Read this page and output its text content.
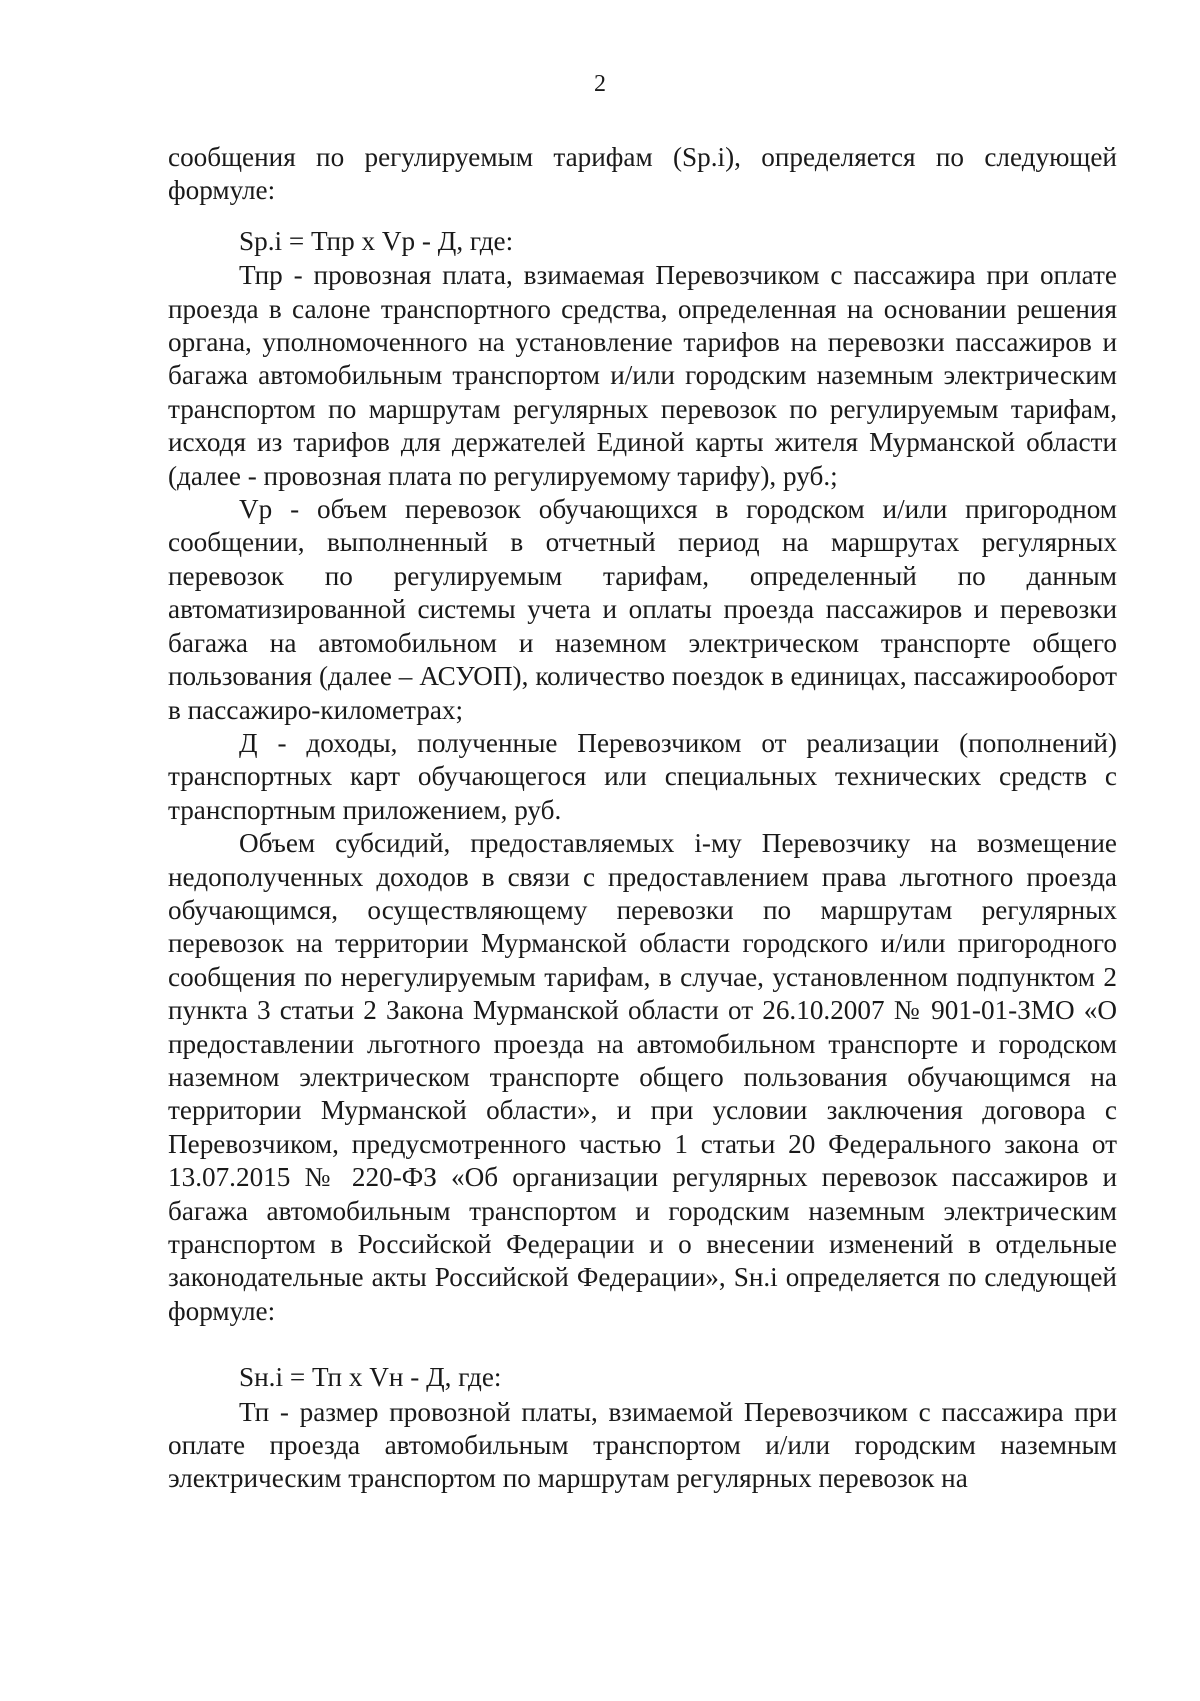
2

сообщения по регулируемым тарифам (Sp.i), определяется по следующей формуле:

Sp.i = Тпр х Vp - Д, где:

Тпр - провозная плата, взимаемая Перевозчиком с пассажира при оплате проезда в салоне транспортного средства, определенная на основании решения органа, уполномоченного на установление тарифов на перевозки пассажиров и багажа автомобильным транспортом и/или городским наземным электрическим транспортом по маршрутам регулярных перевозок по регулируемым тарифам, исходя из тарифов для держателей Единой карты жителя Мурманской области (далее - провозная плата по регулируемому тарифу), руб.;

Vp - объем перевозок обучающихся в городском и/или пригородном сообщении, выполненный в отчетный период на маршрутах регулярных перевозок по регулируемым тарифам, определенный по данным автоматизированной системы учета и оплаты проезда пассажиров и перевозки багажа на автомобильном и наземном электрическом транспорте общего пользования (далее – АСУОП), количество поездок в единицах, пассажирооборот в пассажиро-километрах;

Д - доходы, полученные Перевозчиком от реализации (пополнений) транспортных карт обучающегося или специальных технических средств с транспортным приложением, руб.

Объем субсидий, предоставляемых i-му Перевозчику на возмещение недополученных доходов в связи с предоставлением права льготного проезда обучающимся, осуществляющему перевозки по маршрутам регулярных перевозок на территории Мурманской области городского и/или пригородного сообщения по нерегулируемым тарифам, в случае, установленном подпунктом 2 пункта 3 статьи 2 Закона Мурманской области от 26.10.2007 № 901-01-ЗМО «О предоставлении льготного проезда на автомобильном транспорте и городском наземном электрическом транспорте общего пользования обучающимся на территории Мурманской области», и при условии заключения договора с Перевозчиком, предусмотренного частью 1 статьи 20 Федерального закона от 13.07.2015 № 220-ФЗ «Об организации регулярных перевозок пассажиров и багажа автомобильным транспортом и городским наземным электрическим транспортом в Российской Федерации и о внесении изменений в отдельные законодательные акты Российской Федерации», Sн.i определяется по следующей формуле:

Sн.i = Тп х Vн - Д, где:

Тп - размер провозной платы, взимаемой Перевозчиком с пассажира при оплате проезда автомобильным транспортом и/или городским наземным электрическим транспортом по маршрутам регулярных перевозок на
